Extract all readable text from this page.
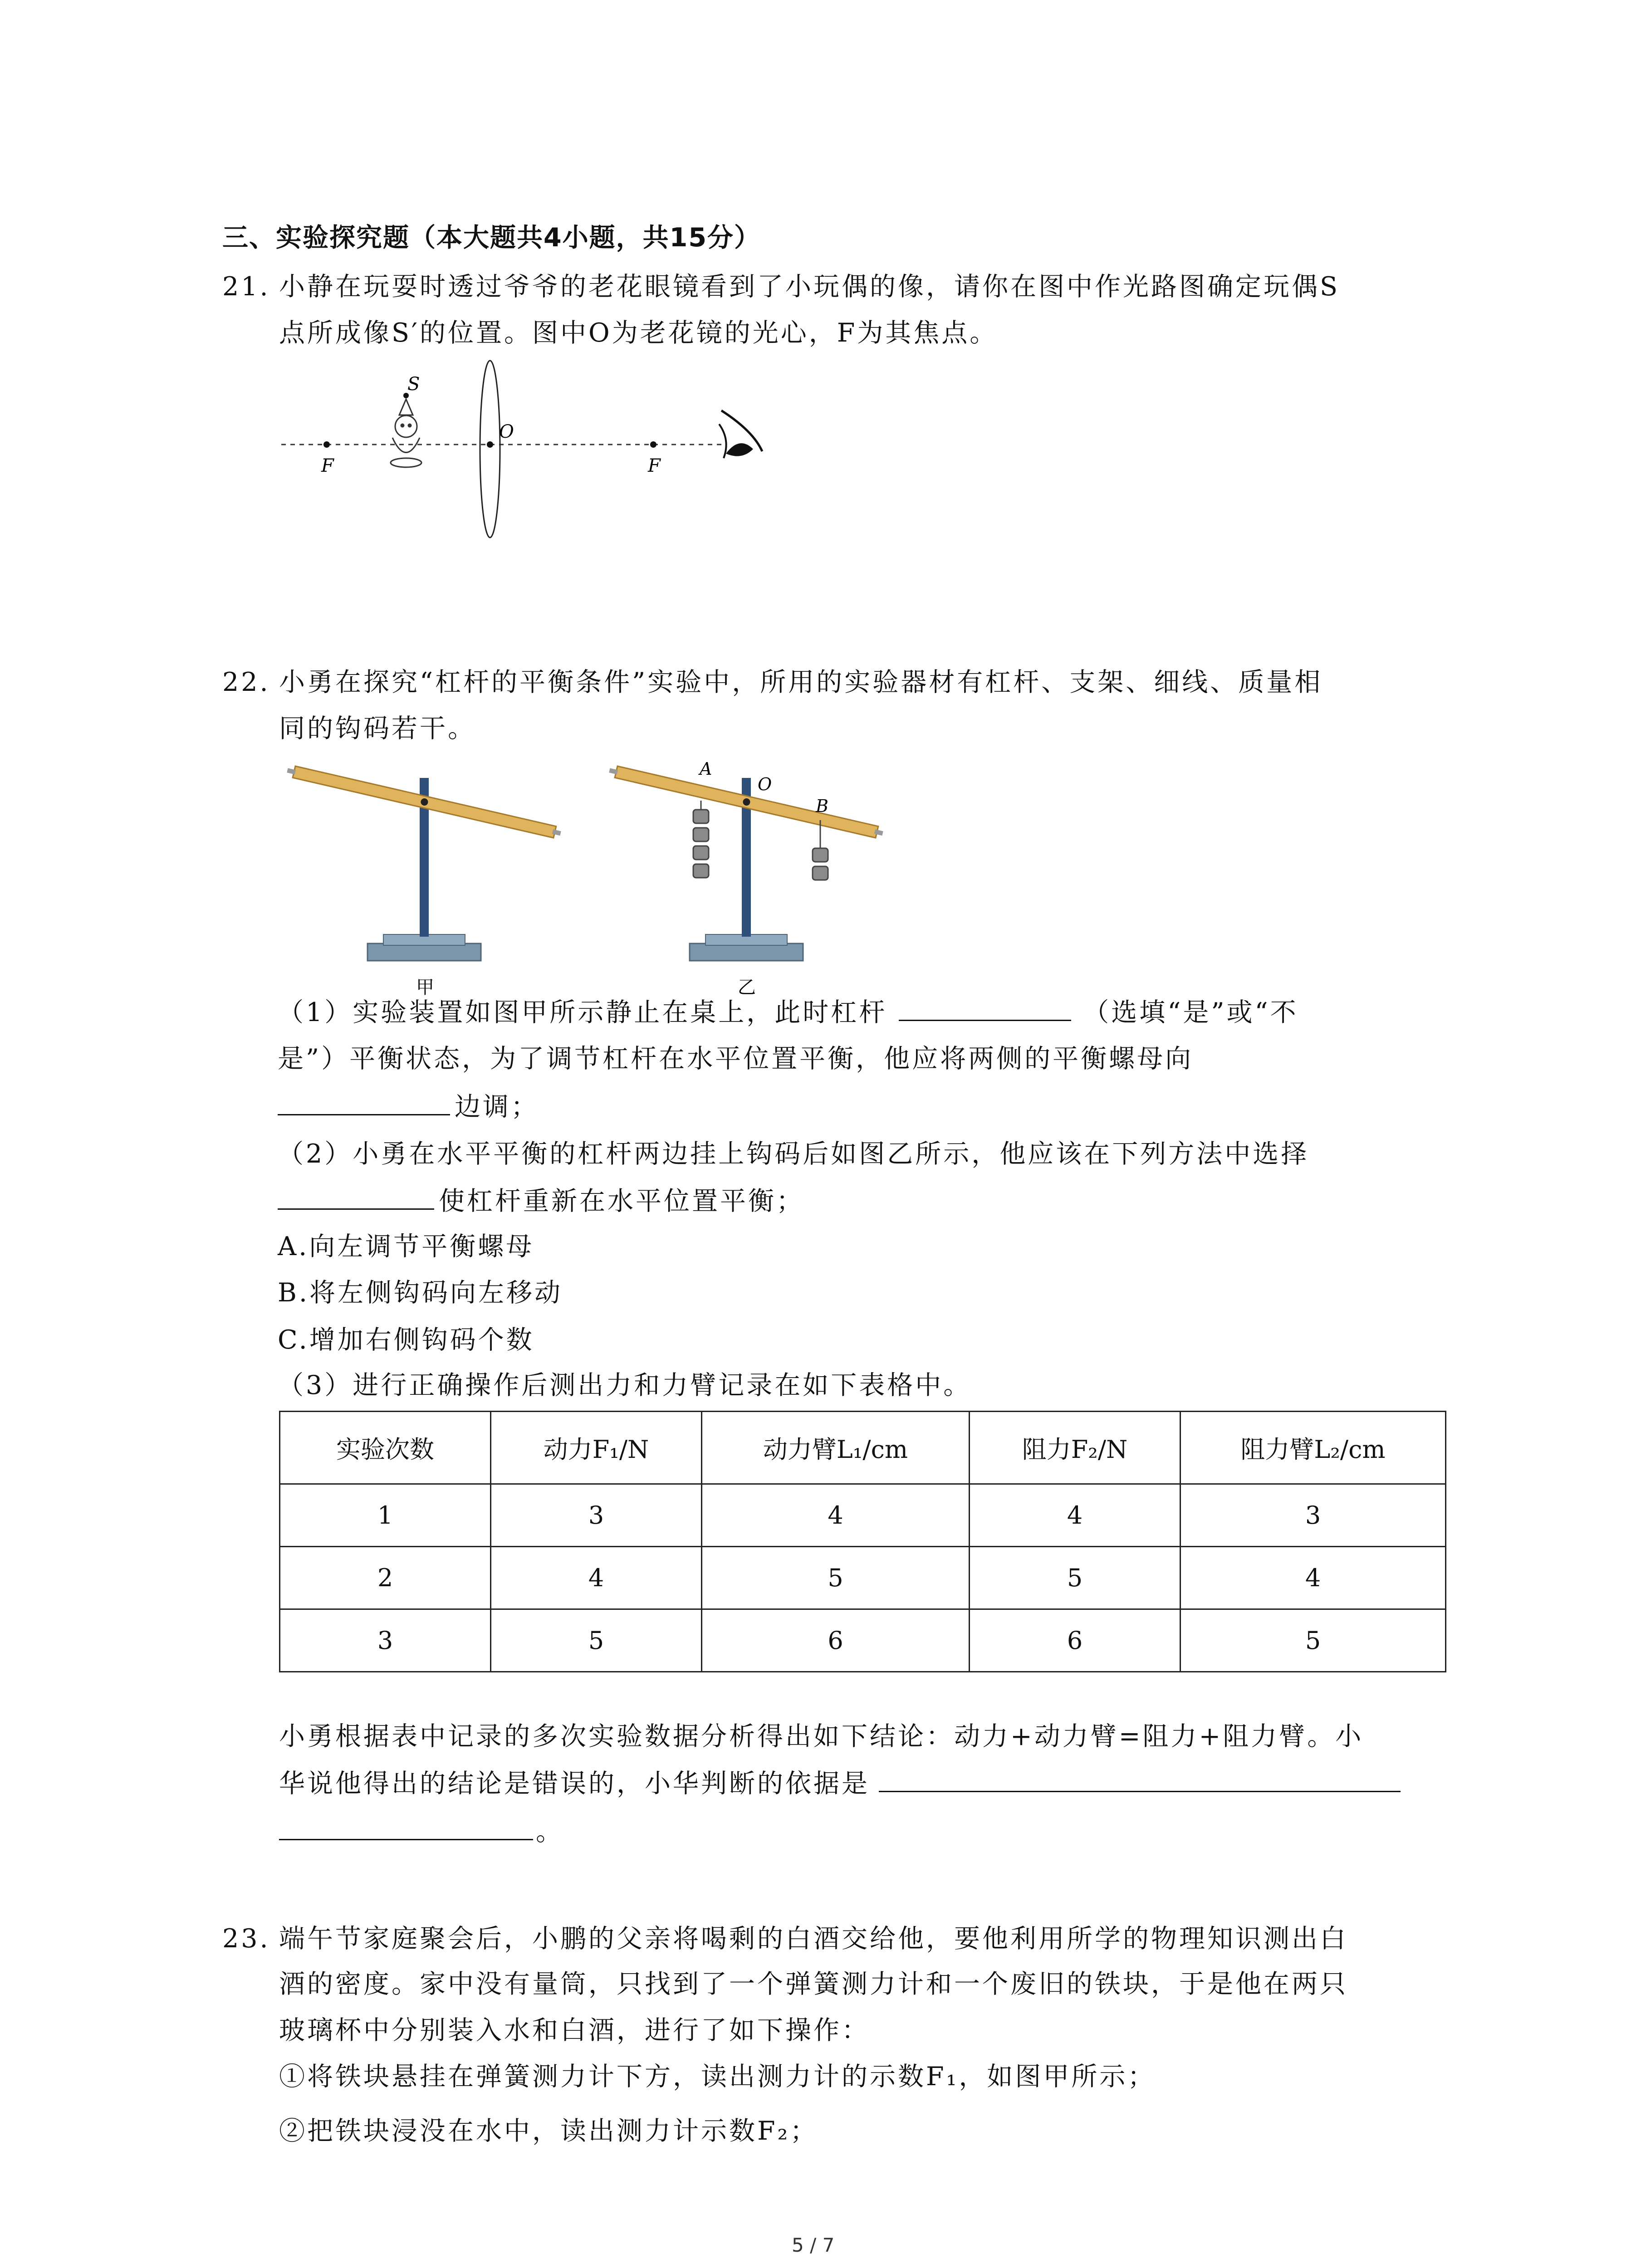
三、实验探究题（本大题共4小题，共15分）
21. 小静在玩耍时透过爷爷的老花眼镜看到了小玩偶的像，请你在图中作光路图确定玩偶S
点所成像S′的位置。图中O为老花镜的光心，F为其焦点。
S
O
F	F
22. 小勇在探究“杠杆的平衡条件”实验中，所用的实验器材有杠杆、支架、细线、质量相
同的钩码若干。
甲
A
O
B
乙
（1）实验装置如图甲所示静止在桌上，此时杠杆	（选填“是”或“不
是”）平衡状态，为了调节杠杆在水平位置平衡，他应将两侧的平衡螺母向
边调；
（2）小勇在水平平衡的杠杆两边挂上钩码后如图乙所示，他应该在下列方法中选择
使杠杆重新在水平位置平衡；
A.向左调节平衡螺母
B.将左侧钩码向左移动
C.增加右侧钩码个数
（3）进行正确操作后测出力和力臂记录在如下表格中。
实验次数	动力F₁/N	动力臂L₁/cm	阻力F₂/N	阻力臂L₂/cm
1	3	4	4	3
2	4	5	5	4
3	5	6	6	5
小勇根据表中记录的多次实验数据分析得出如下结论：动力+动力臂=阻力+阻力臂。小
华说他得出的结论是错误的，小华判断的依据是
。
23. 端午节家庭聚会后，小鹏的父亲将喝剩的白酒交给他，要他利用所学的物理知识测出白
酒的密度。家中没有量筒，只找到了一个弹簧测力计和一个废旧的铁块，于是他在两只
玻璃杯中分别装入水和白酒，进行了如下操作：
①将铁块悬挂在弹簧测力计下方，读出测力计的示数F₁，如图甲所示；
②把铁块浸没在水中，读出测力计示数F₂；
5 / 7
